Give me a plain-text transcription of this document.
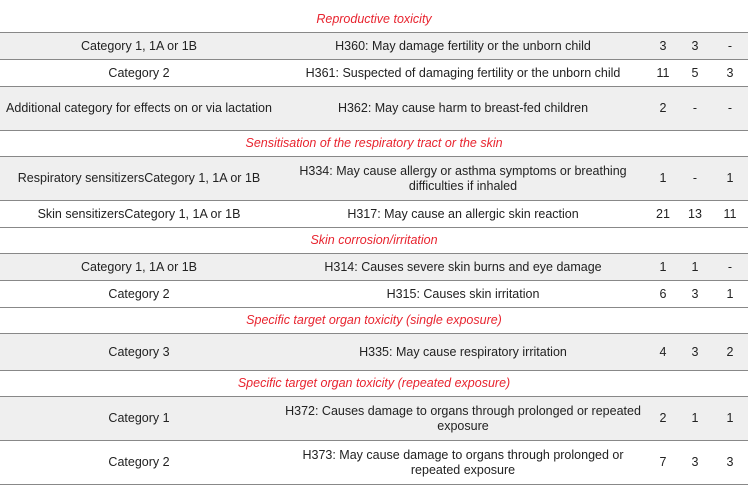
Reproductive toxicity				
Category 1, 1A or 1B	H360: May damage fertility or the unborn child	3	3	-
Category 2	H361: Suspected of damaging fertility or the unborn child	11	5	3
Additional category for effects on or via lactation	H362: May cause harm to breast-fed children	2	-	-
Sensitisation of the respiratory tract or the skin				
Respiratory sensitizersCategory 1, 1A or 1B	H334: May cause allergy or asthma symptoms or breathing difficulties if inhaled	1	-	1
Skin sensitizersCategory 1, 1A or 1B	H317: May cause an allergic skin reaction	21	13	11
Skin corrosion/irritation				
Category 1, 1A or 1B	H314: Causes severe skin burns and eye damage	1	1	-
Category 2	H315: Causes skin irritation	6	3	1
Specific target organ toxicity (single exposure)				
Category 3	H335: May cause respiratory irritation	4	3	2
Specific target organ toxicity (repeated exposure)				
Category 1	H372: Causes damage to organs through prolonged or repeated exposure	2	1	1
Category 2	H373: May cause damage to organs through prolonged or repeated exposure	7	3	3
